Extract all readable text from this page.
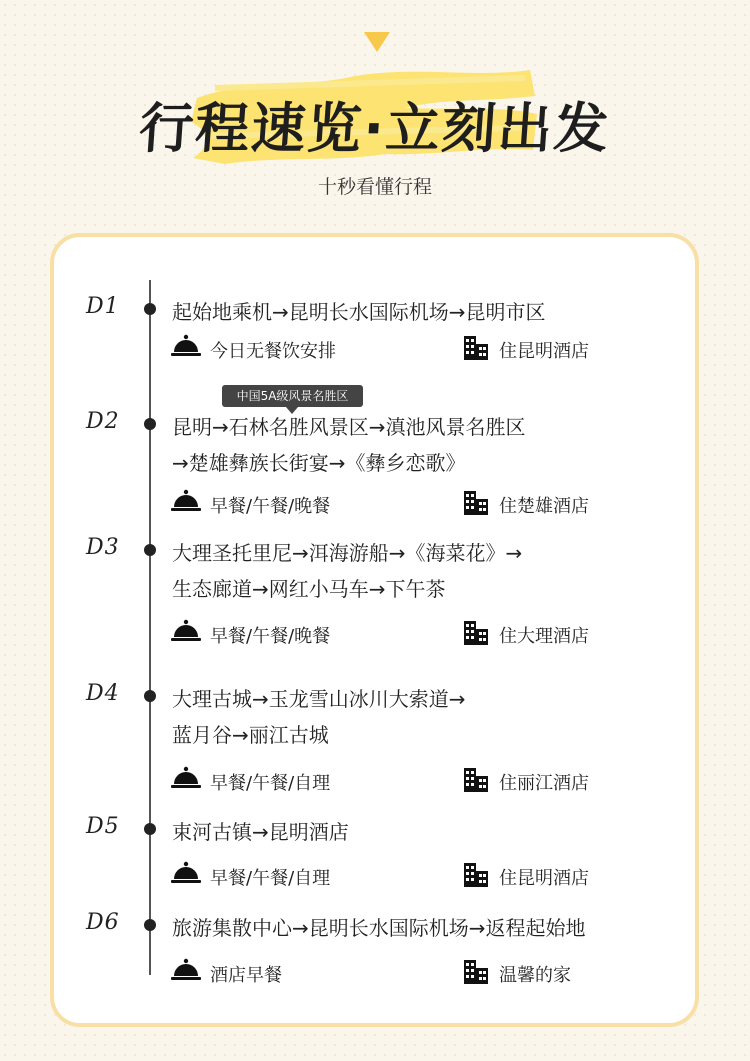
行程速览·立刻出发
十秒看懂行程
中国5A级风景名胜区
D1	起始地乘机→昆明长水国际机场→昆明市区
今日无餐饮安排	住昆明酒店
D2	昆明→石林名胜风景区→滇池风景名胜区
→楚雄彝族长街宴→《彝乡恋歌》
早餐/午餐/晚餐	住楚雄酒店
D3	大理圣托里尼→洱海游船→《海菜花》→
生态廊道→网红小马车→下午茶
早餐/午餐/晚餐	住大理酒店
D4	大理古城→玉龙雪山冰川大索道→
蓝月谷→丽江古城
早餐/午餐/自理	住丽江酒店
D5	束河古镇→昆明酒店
早餐/午餐/自理	住昆明酒店
D6	旅游集散中心→昆明长水国际机场→返程起始地
酒店早餐	温馨的家
